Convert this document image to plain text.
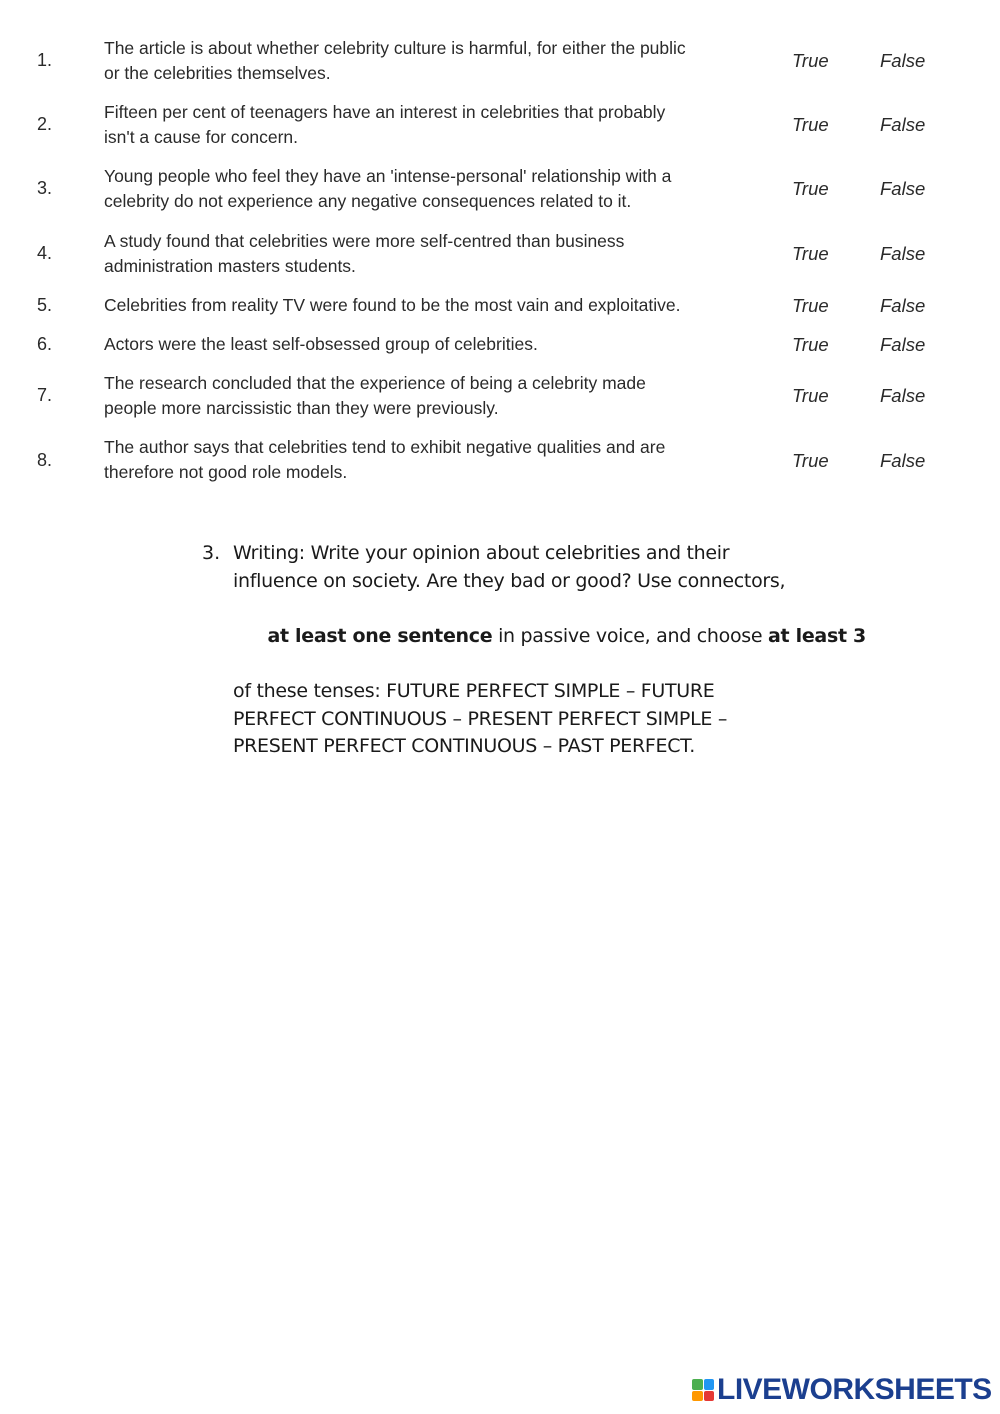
1.
The article is about whether celebrity culture is harmful, for either the public
or the celebrities themselves.
True	False
2.
Fifteen per cent of teenagers have an interest in celebrities that probably
isn't a cause for concern.
True	False
3.
Young people who feel they have an 'intense-personal' relationship with a
celebrity do not experience any negative consequences related to it.
True	False
4.
A study found that celebrities were more self-centred than business
administration masters students.
True	False
5.	Celebrities from reality TV were found to be the most vain and exploitative.	True	False
6.	Actors were the least self-obsessed group of celebrities.	True	False
7.
The research concluded that the experience of being a celebrity made
people more narcissistic than they were previously.
True	False
8.
The author says that celebrities tend to exhibit negative qualities and are
therefore not good role models.
True	False
3. Writing: Write your opinion about celebrities and their
influence on society. Are they bad or good? Use connectors,

at least one sentence in passive voice, and choose at least 3

of these tenses: FUTURE PERFECT SIMPLE – FUTURE
PERFECT CONTINUOUS – PRESENT PERFECT SIMPLE –
PRESENT PERFECT CONTINUOUS – PAST PERFECT.
LIVEWORKSHEETS
